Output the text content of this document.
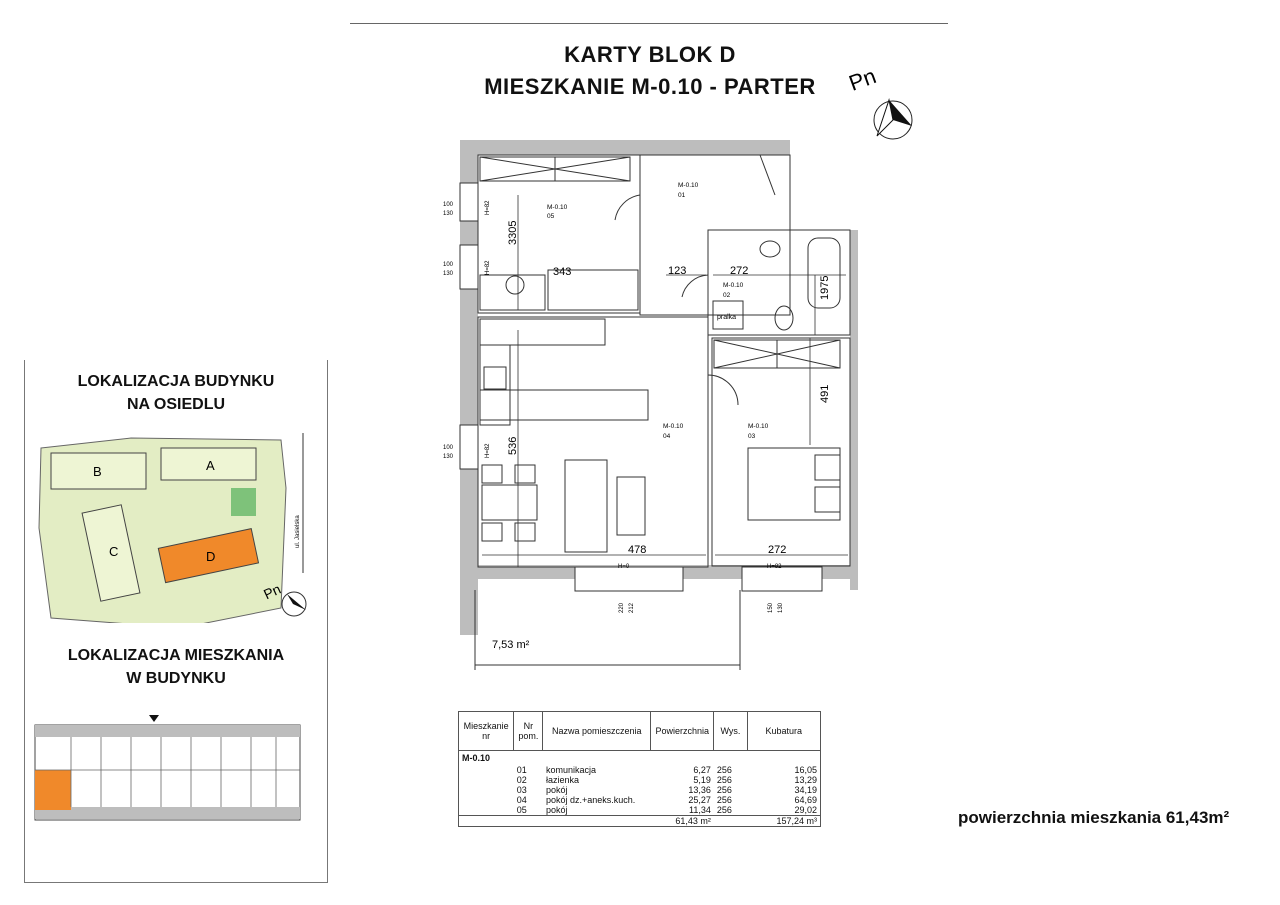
KARTY BLOK D
MIESZKANIE M-0.10 - PARTER	Pn
pralka
M-0.10
05
M-0.10
01
M-0.10
02
M-0.10
03
M-0.10
04
343	123	272
478	272
3305
536
1975
491
100
130	H=82
100
130	H=82
100
130	H=82
H=0
220 212
H=82
150 130
7,53 m²
LOKALIZACJA BUDYNKU
NA OSIEDLU
B	A
C	D
ul. Jasielska
Pn
LOKALIZACJA MIESZKANIA
W BUDYNKU
Mieszkanie nr	Nr pom.	Nazwa pomieszczenia	Powierzchnia	Wys.	Kubatura
M-0.10					
	01	komunikacja	6,27	256	16,05
	02	łazienka	5,19	256	13,29
	03	pokój	13,36	256	34,19
	04	pokój dz.+aneks.kuch.	25,27	256	64,69
	05	pokój	11,34	256	29,02
			61,43 m²		157,24 m³	powierzchnia mieszkania 61,43m²
